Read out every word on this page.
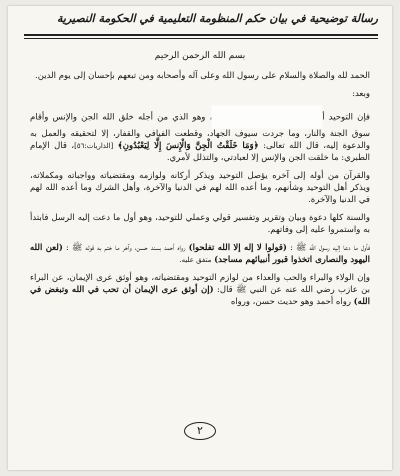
رسالة توضيحية في بيان حكم المنظومة التعليمية في الحكومة النصيرية
بسم الله الرحمن الرحيم

الحمد لله والصلاة والسلام على رسول الله وعلى آله وأصحابه ومن تبعهم بإحسان إلى يوم الدين.

وبعد:

فإن التوحيد أ، وهو الذي من أجله خلق الله الجن والإنس وأقام سوق الجنة والنار، وما جردت سيوف الجهاد، وقطعت الفيافي والقفار، إلا لتحقيقه والعمل به والدعوة إليه، قال الله تعالى: ﴿وَمَا خَلَقْتُ الْجِنَّ وَالْإِنسَ إِلَّا لِيَعْبُدُونِ﴾ [الذاريات:٥٦]، قال الإمام الطبري: ما خلقت الجن والإنس إلا لعبادتي، والتذلل لأمري.

والقرآن من أوله إلى آخره يؤصل التوحيد ويذكر أركانه ولوازمه ومقتضياته وواجباته ومكملاته، ويذكر أهل التوحيد وشأنهم، وما أعده الله لهم في الدنيا والآخرة، وأهل الشرك وما أعده الله لهم في الدنيا والآخرة.

والسنة كلها دعوة وبيان وتقرير وتفسير قولي وعملي للتوحيد، وهو أول ما دعت إليه الرسل فابتدأ به واستمروا عليه إلى وفاتهم.

فأول ما دعا إليه رسول الله ﷺ : (قولوا لا إله إلا الله تفلحوا) رواه أحمد بسند حسن، وآخر ما ختم به قوله ﷺ : (لعن الله اليهود والنصارى اتخذوا قبور أنبيائهم مساجد) متفق عليه.

وإن الولاء والبراء والحب والعداء من لوازم التوحيد ومقتضياته، وهو أوثق عرى الإيمان، عن البراء بن عازب رضي الله عنه عن النبي ﷺ قال: (إن أوثق عرى الإيمان أن تحب في الله وتبغض في الله) رواه أحمد وهو حديث حسن، ورواه

٢
